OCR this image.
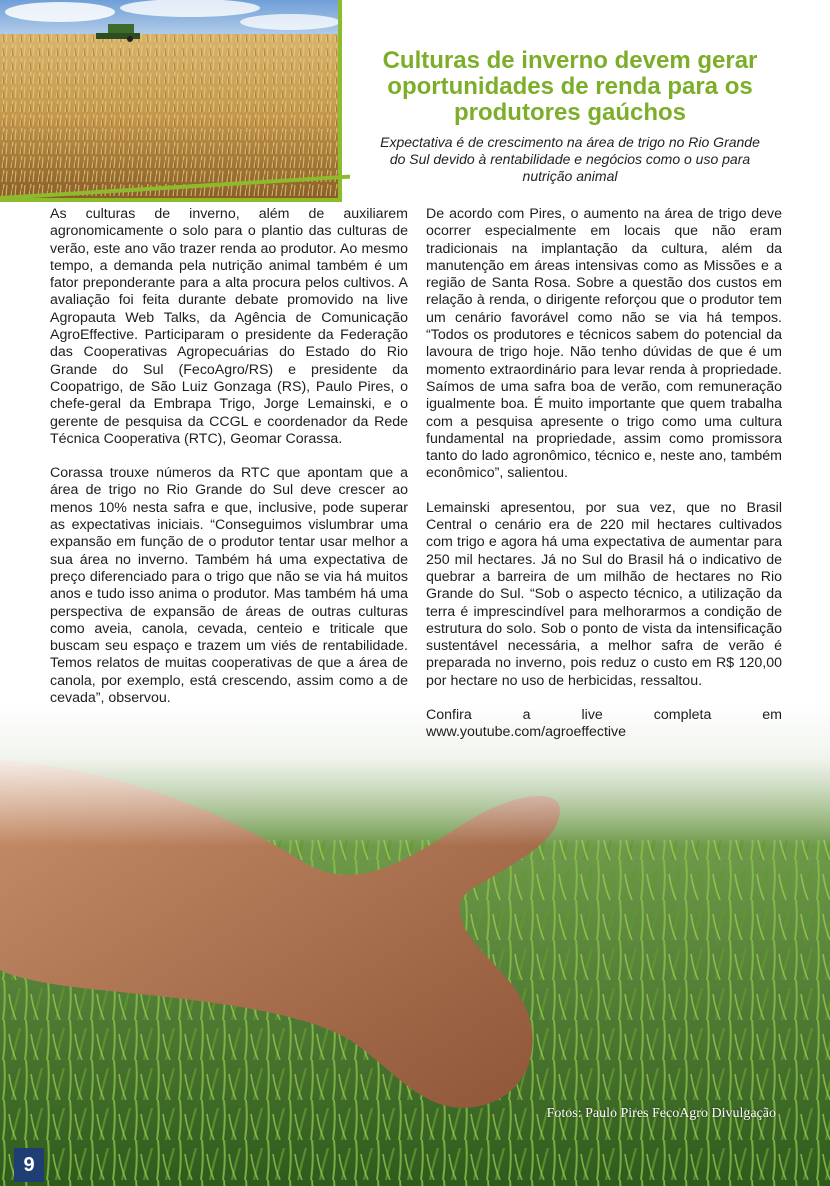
Culturas de inverno devem gerar oportunidades de renda para os produtores gaúchos

Expectativa é de crescimento na área de trigo no Rio Grande do Sul devido à rentabilidade e negócios como o uso para nutrição animal

As culturas de inverno, além de auxiliarem agronomicamente o solo para o plantio das culturas de verão, este ano vão trazer renda ao produtor. Ao mesmo tempo, a demanda pela nutrição animal também é um fator preponderante para a alta procura pelos cultivos. A avaliação foi feita durante debate promovido na live Agropauta Web Talks, da Agência de Comunicação AgroEffective. Participaram o presidente da Federação das Cooperativas Agropecuárias do Estado do Rio Grande do Sul (FecoAgro/RS) e presidente da Coopatrigo, de São Luiz Gonzaga (RS), Paulo Pires, o chefe-geral da Embrapa Trigo, Jorge Lemainski, e o gerente de pesquisa da CCGL e coordenador da Rede Técnica Cooperativa (RTC), Geomar Corassa.

Corassa trouxe números da RTC que apontam que a área de trigo no Rio Grande do Sul deve crescer ao menos 10% nesta safra e que, inclusive, pode superar as expectativas iniciais. “Conseguimos vislumbrar uma expansão em função de o produtor tentar usar melhor a sua área no inverno. Também há uma expectativa de preço diferenciado para o trigo que não se via há muitos anos e tudo isso anima o produtor. Mas também há uma perspectiva de expansão de áreas de outras culturas como aveia, canola, cevada, centeio e triticale que buscam seu espaço e trazem um viés de rentabilidade. Temos relatos de muitas cooperativas de que a área de canola, por exemplo, está crescendo, assim como a de cevada”, observou.

De acordo com Pires, o aumento na área de trigo deve ocorrer especialmente em locais que não eram tradicionais na implantação da cultura, além da manutenção em áreas intensivas como as Missões e a região de Santa Rosa. Sobre a questão dos custos em relação à renda, o dirigente reforçou que o produtor tem um cenário favorável como não se via há tempos. “Todos os produtores e técnicos sabem do potencial da lavoura de trigo hoje. Não tenho dúvidas de que é um momento extraordinário para levar renda à propriedade. Saímos de uma safra boa de verão, com remuneração igualmente boa. É muito importante que quem trabalha com a pesquisa apresente o trigo como uma cultura fundamental na propriedade, assim como promissora tanto do lado agronômico, técnico e, neste ano, também econômico”, salientou.

Lemainski apresentou, por sua vez, que no Brasil Central o cenário era de 220 mil hectares cultivados com trigo e agora há uma expectativa de aumentar para 250 mil hectares. Já no Sul do Brasil há o indicativo de quebrar a barreira de um milhão de hectares no Rio Grande do Sul. “Sob o aspecto técnico, a utilização da terra é imprescindível para melhorarmos a condição de estrutura do solo. Sob o ponto de vista da intensificação sustentável necessária, a melhor safra de verão é preparada no inverno, pois reduz o custo em R$ 120,00 por hectare no uso de herbicidas, ressaltou.

Confira a live completa em www.youtube.com/agroeffective

Fotos: Paulo Pires FecoAgro Divulgação
9
